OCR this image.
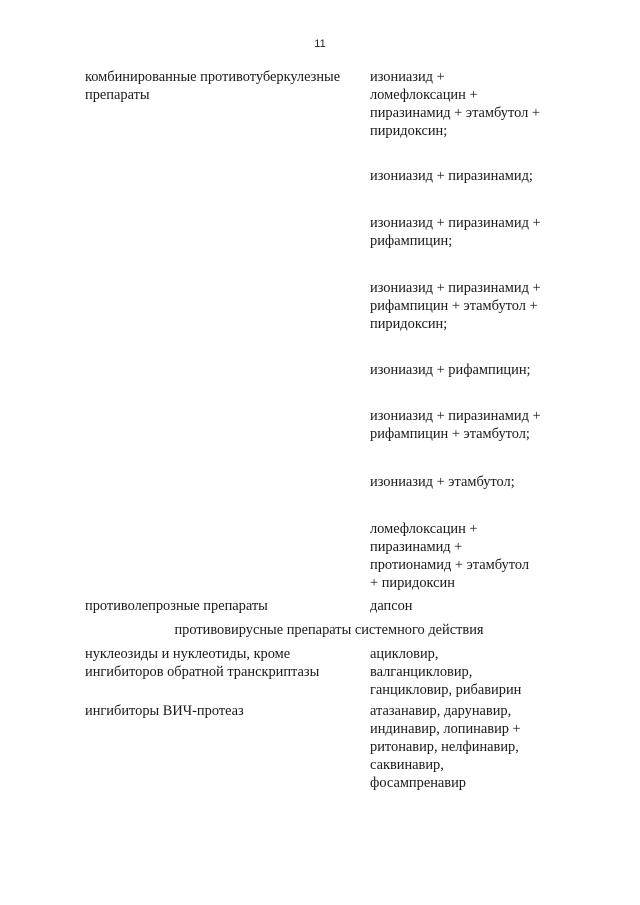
11
комбинированные противотуберкулезные
препараты
изониазид +
ломефлоксацин +
пиразинамид + этамбутол +
пиридоксин;
изониазид + пиразинамид;
изониазид + пиразинамид +
рифампицин;
изониазид + пиразинамид +
рифампицин + этамбутол +
пиридоксин;
изониазид + рифампицин;
изониазид + пиразинамид +
рифампицин + этамбутол;
изониазид + этамбутол;
ломефлоксацин +
пиразинамид +
протионамид + этамбутол
+ пиридоксин
противолепрозные препараты	дапсон
противовирусные препараты системного действия
нуклеозиды и нуклеотиды, кроме
ингибиторов обратной транскриптазы
ацикловир,
валганцикловир,
ганцикловир, рибавирин
ингибиторы ВИЧ-протеаз	атазанавир, дарунавир,
индинавир, лопинавир +
ритонавир, нелфинавир,
саквинавир,
фосампренавир
